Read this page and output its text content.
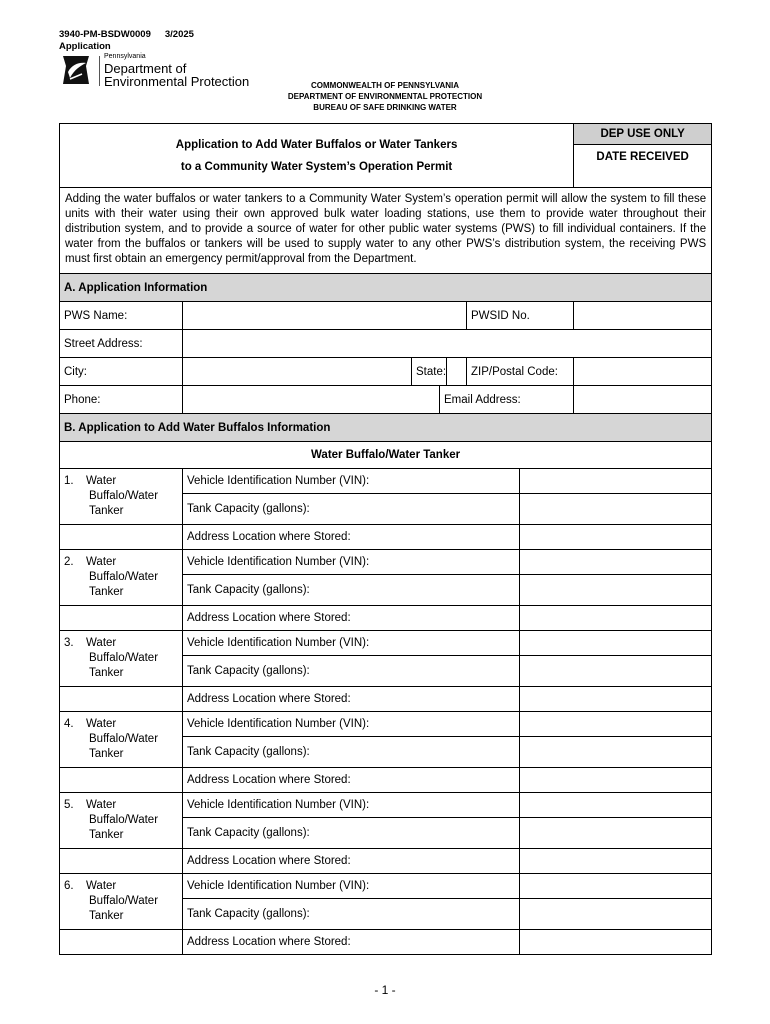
3940-PM-BSDW0009 3/2025
Application
Pennsylvania
Department of
Environmental Protection	COMMONWEALTH OF PENNSYLVANIA
DEPARTMENT OF ENVIRONMENTAL PROTECTION
BUREAU OF SAFE DRINKING WATER
Application to Add Water Buffalos or Water Tankers
to a Community Water System’s Operation Permit							DEP USE ONLY
							DATE RECEIVED
Adding the water buffalos or water tankers to a Community Water System’s operation permit will allow the system to fill these units with their water using their own approved bulk water loading stations, use them to provide water throughout their distribution system, and to provide a source of water for other public water systems (PWS) to fill individual containers. If the water from the buffalos or tankers will be used to supply water to any other PWS’s distribution system, the receiving PWS must first obtain an emergency permit/approval from the Department.							
A. Application Information							
PWS Name:					PWSID No.		
Street Address:							
City:		State:			ZIP/Postal Code:		
Phone:			Email Address:				
B. Application to Add Water Buffalos Information							
Water Buffalo/Water Tanker							
1. Water
Buffalo/Water
Tanker	Vehicle Identification Number (VIN):						
	Tank Capacity (gallons):						
	Address Location where Stored:						
2. Water
Buffalo/Water
Tanker	Vehicle Identification Number (VIN):						
	Tank Capacity (gallons):						
	Address Location where Stored:						
3. Water
Buffalo/Water
Tanker	Vehicle Identification Number (VIN):						
	Tank Capacity (gallons):						
	Address Location where Stored:						
4. Water
Buffalo/Water
Tanker	Vehicle Identification Number (VIN):						
	Tank Capacity (gallons):						
	Address Location where Stored:						
5. Water
Buffalo/Water
Tanker	Vehicle Identification Number (VIN):						
	Tank Capacity (gallons):						
	Address Location where Stored:						
6. Water
Buffalo/Water
Tanker	Vehicle Identification Number (VIN):						
	Tank Capacity (gallons):						
	Address Location where Stored:						
- 1 -
